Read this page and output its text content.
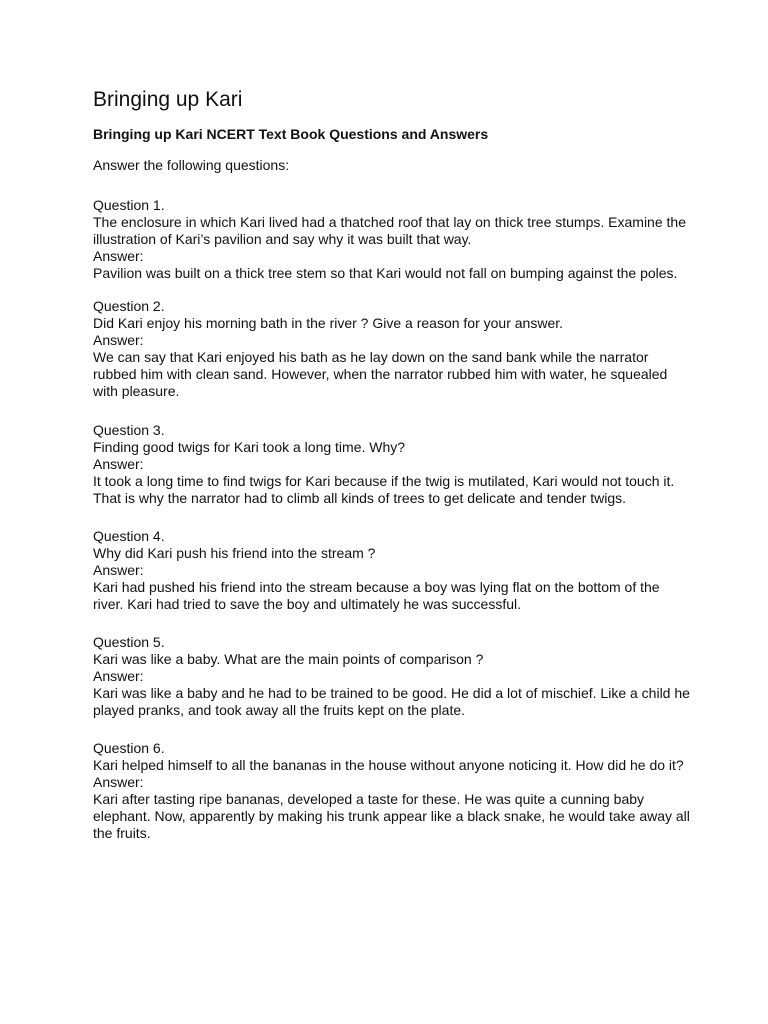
Bringing up Kari
Bringing up Kari NCERT Text Book Questions and Answers

Answer the following questions:

Question 1.

The enclosure in which Kari lived had a thatched roof that lay on thick tree stumps. Examine the illustration of Kari’s pavilion and say why it was built that way.

Answer:

Pavilion was built on a thick tree stem so that Kari would not fall on bumping against the poles.

Question 2.

Did Kari enjoy his morning bath in the river ? Give a reason for your answer.

Answer:

We can say that Kari enjoyed his bath as he lay down on the sand bank while the narrator rubbed him with clean sand. However, when the narrator rubbed him with water, he squealed with pleasure.

Question 3.

Finding good twigs for Kari took a long time. Why?

Answer:

It took a long time to find twigs for Kari because if the twig is mutilated, Kari would not touch it. That is why the narrator had to climb all kinds of trees to get delicate and tender twigs.

Question 4.

Why did Kari push his friend into the stream ?

Answer:

Kari had pushed his friend into the stream because a boy was lying flat on the bottom of the river. Kari had tried to save the boy and ultimately he was successful.

Question 5.

Kari was like a baby. What are the main points of comparison ?

Answer:

Kari was like a baby and he had to be trained to be good. He did a lot of mischief. Like a child he played pranks, and took away all the fruits kept on the plate.

Question 6.

Kari helped himself to all the bananas in the house without anyone noticing it. How did he do it?

Answer:

Kari after tasting ripe bananas, developed a taste for these. He was quite a cunning baby elephant. Now, apparently by making his trunk appear like a black snake, he would take away all the fruits.
